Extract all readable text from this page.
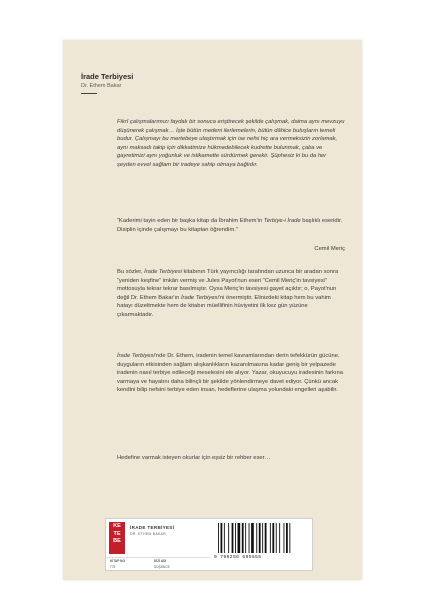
İrade Terbiyesi
Dr. Ethem Bakar

Fikrî çalışmalarımızı faydalı bir sonuca eriştirecek şekilde çalışmak, daima aynı mevzuyu düşünerek çalışmak… İşte bütün medeni ilerlemelerin, bütün dâhice buluşların temeli budur. Çalışmayı bu mertebeye ulaştırmak için ise nefsi hiç ara vermeksizin zorlamak, aynı maksadı takip için dikkatimize hükmedebilecek kudrette bulunmak, çaba ve gayretimizi aynı yoğunluk ve istikamette sürdürmek gerekir. Şüphesiz ki bu da her şeyden evvel sağlam bir iradeye sahip olmaya bağlıdır.

“Kaderimi tayin eden bir başka kitap da İbrahim Ethem'in Terbiye-i İrade başlıklı eseridir. Disiplin içinde çalışmayı bu kitaptan öğrendim.”

Cemil Meriç

Bu sözler, İrade Terbiyesi kitabının Türk yayıncılığı tarafından uzunca bir aradan sonra “yeniden keşfine” imkân vermiş ve Jules Payot'nun eseri “Cemil Meriç'in tavsiyesi” mottosuyla tekrar tekrar basılmıştır. Oysa Meriç'in tavsiyesi gayet açıktır; o, Payot'nun değil Dr. Ethem Bakar'ın İrade Terbiyesi'ni önermiştir. Elinizdeki kitap hem bu vahim hatayı düzeltmekte hem de kitabın müellifinin hüviyetini ilk kez gün yüzüne çıkarmaktadır.

İrade Terbiyesi'nde Dr. Ethem, iradenin temel kavramlarından derin tefekkürün gücüne, duyguların etkisinden sağlam alışkanlıkların kazanılmasına kadar geniş bir yelpazede iradenin nasıl terbiye edileceği meselesini ele alıyor. Yazar, okuyucuyu iradesinin farkına varmaya ve hayatını daha bilinçli bir şekilde yönlendirmeye davet ediyor. Çünkü ancak kendini bilip nefsini terbiye eden insan, hedeflerine ulaşma yolundaki engelleri aşabilir.

Hedefine varmak isteyen okurlar için eşsiz bir rehber eser…

KETEBE
İRADE TERBİYESİ
DR. ETHEM BAKAR
KİTAP NO	DİZİ ADI
775	DÜŞÜNCE
9 786256 695555
